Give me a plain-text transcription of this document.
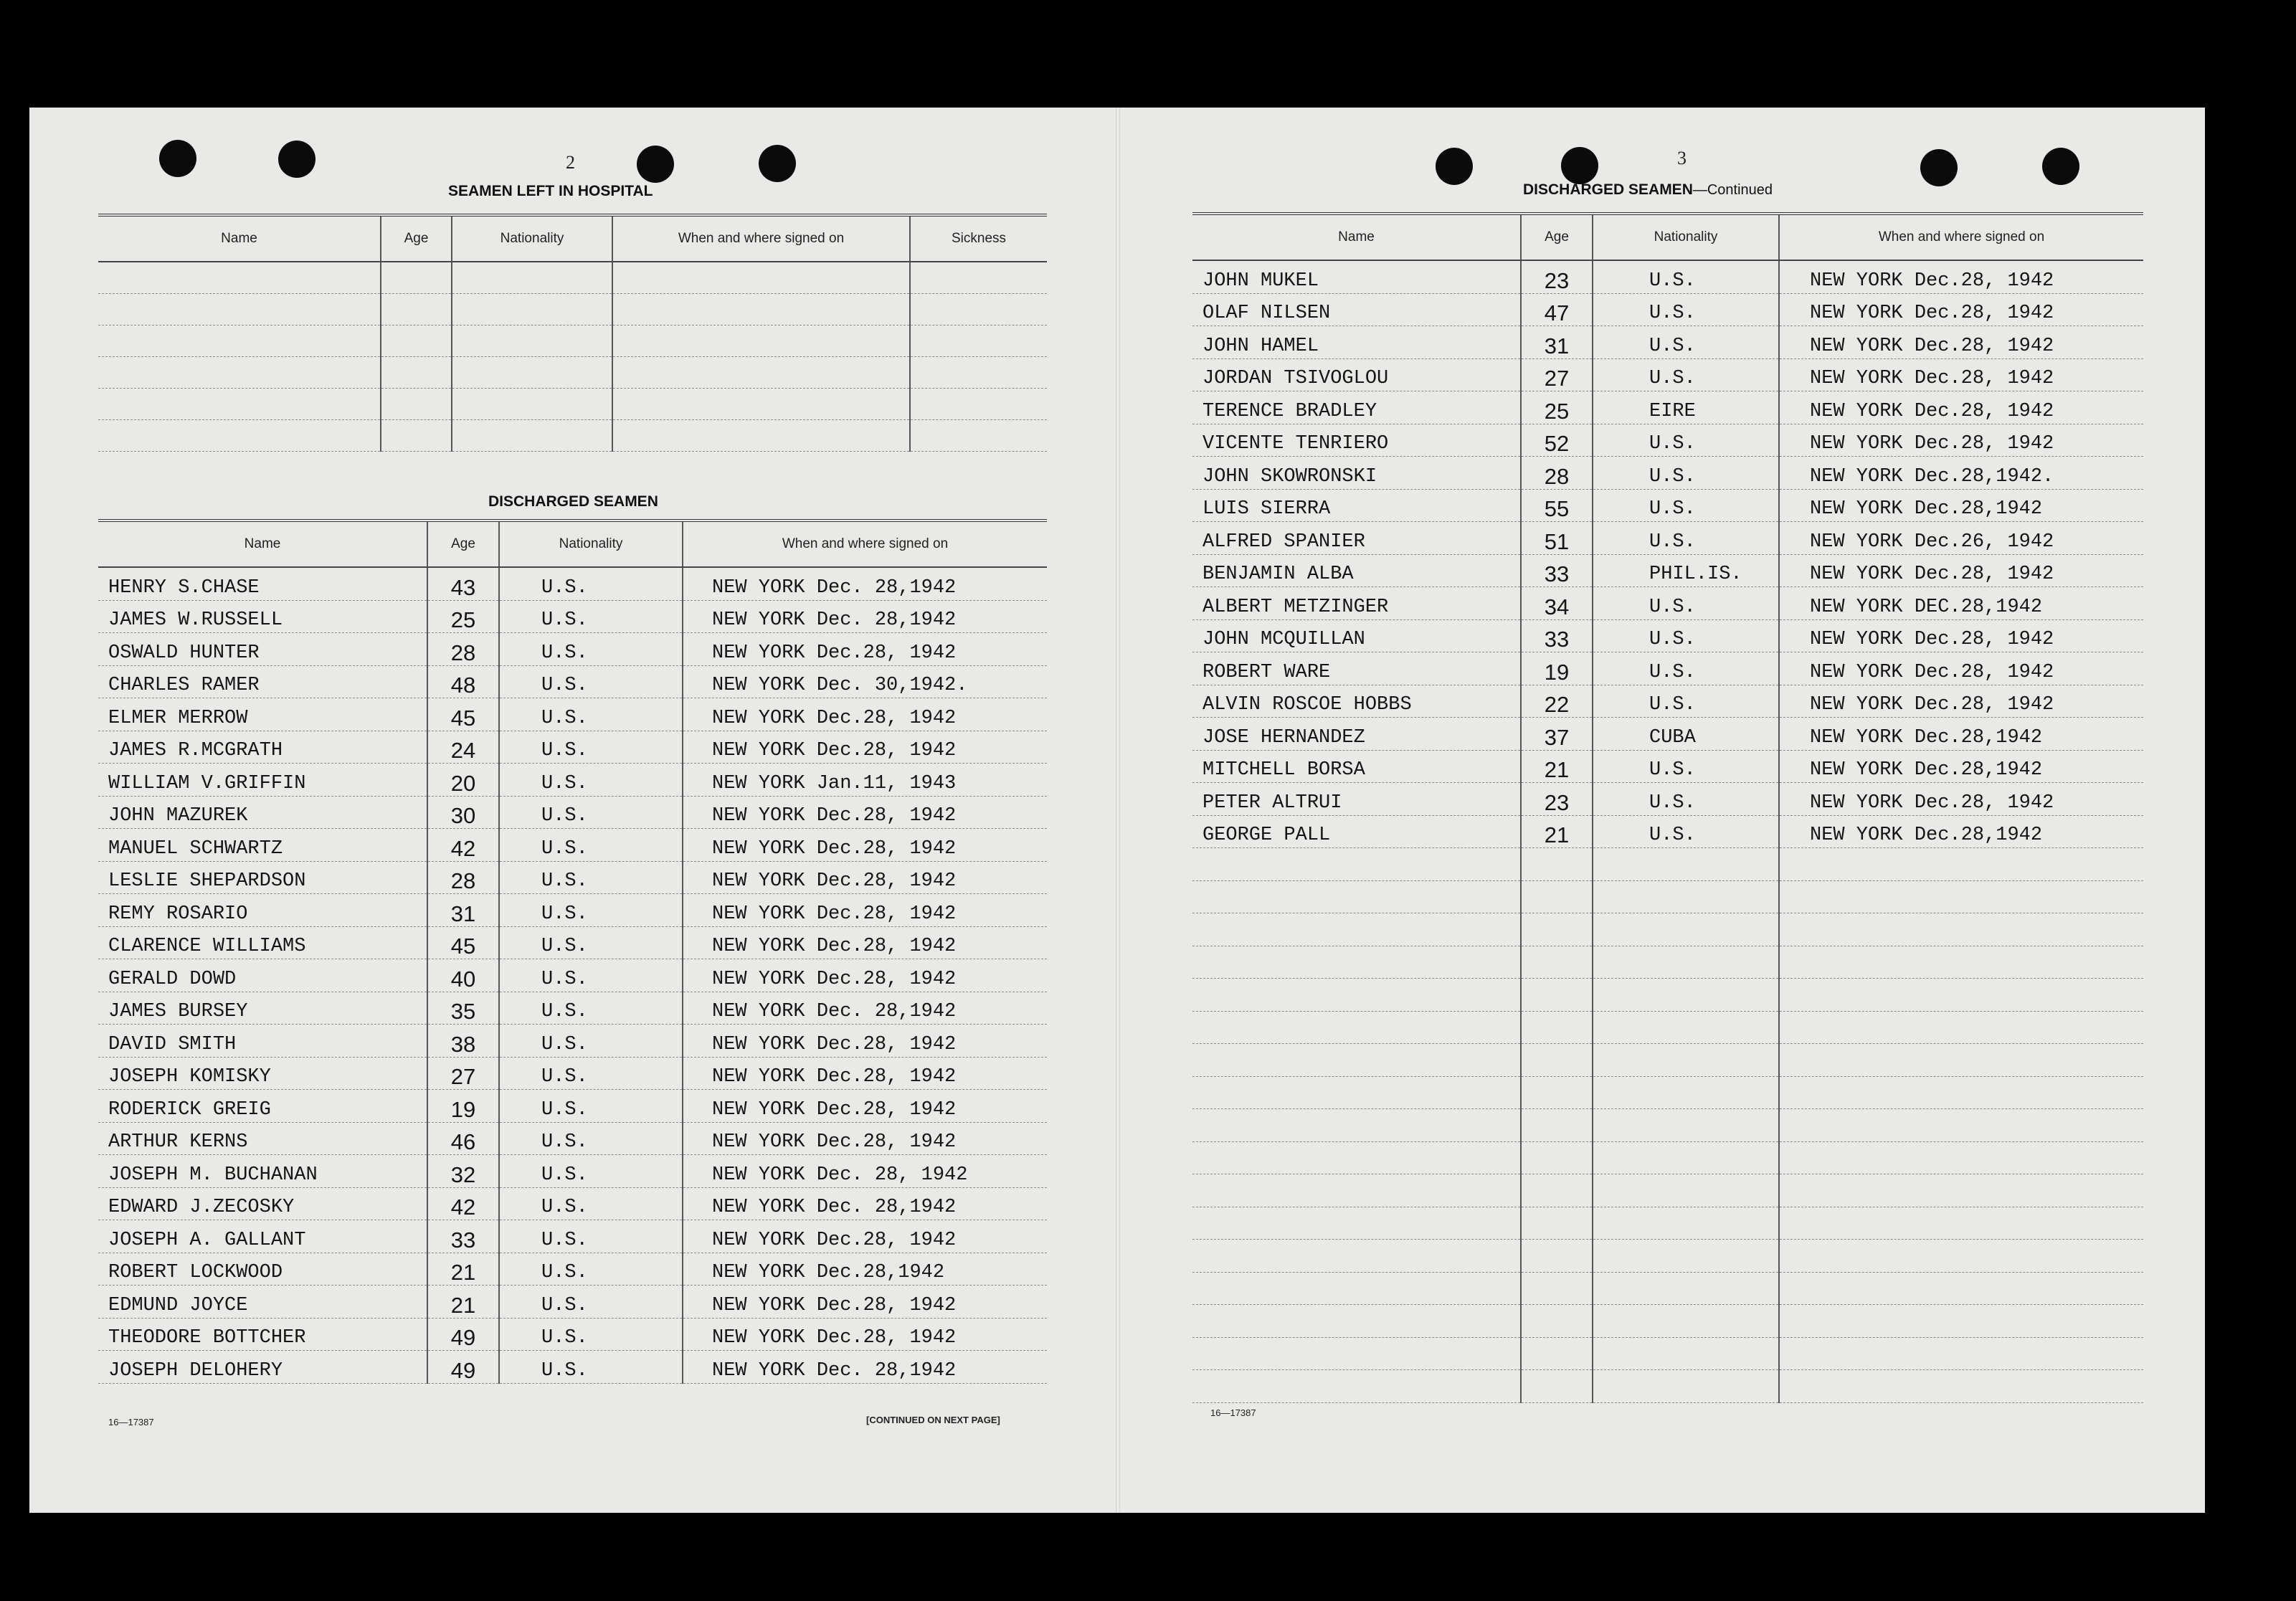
2
SEAMEN LEFT IN HOSPITAL
Name	Age	Nationality	When and where signed on	Sickness

DISCHARGED SEAMEN
Name	Age	Nationality	When and where signed on
HENRY S.CHASE	43	U.S.	NEW YORK Dec. 28,1942
JAMES W.RUSSELL	25	U.S.	NEW YORK Dec. 28,1942
OSWALD HUNTER	28	U.S.	NEW YORK Dec.28, 1942
CHARLES RAMER	48	U.S.	NEW YORK Dec. 30,1942.
ELMER MERROW	45	U.S.	NEW YORK Dec.28, 1942
JAMES R.MCGRATH	24	U.S.	NEW YORK Dec.28, 1942
WILLIAM V.GRIFFIN	20	U.S.	NEW YORK Jan.11, 1943
JOHN MAZUREK	30	U.S.	NEW YORK Dec.28, 1942
MANUEL SCHWARTZ	42	U.S.	NEW YORK Dec.28, 1942
LESLIE SHEPARDSON	28	U.S.	NEW YORK Dec.28, 1942
REMY ROSARIO	31	U.S.	NEW YORK Dec.28, 1942
CLARENCE WILLIAMS	45	U.S.	NEW YORK Dec.28, 1942
GERALD DOWD	40	U.S.	NEW YORK Dec.28, 1942
JAMES BURSEY	35	U.S.	NEW YORK Dec. 28,1942
DAVID SMITH	38	U.S.	NEW YORK Dec.28, 1942
JOSEPH KOMISKY	27	U.S.	NEW YORK Dec.28, 1942
RODERICK GREIG	19	U.S.	NEW YORK Dec.28, 1942
ARTHUR KERNS	46	U.S.	NEW YORK Dec.28, 1942
JOSEPH M. BUCHANAN	32	U.S.	NEW YORK Dec. 28, 1942
EDWARD J.ZECOSKY	42	U.S.	NEW YORK Dec. 28,1942
JOSEPH A. GALLANT	33	U.S.	NEW YORK Dec.28, 1942
ROBERT LOCKWOOD	21	U.S.	NEW YORK Dec.28,1942
EDMUND JOYCE	21	U.S.	NEW YORK Dec.28, 1942
THEODORE BOTTCHER	49	U.S.	NEW YORK Dec.28, 1942
JOSEPH DELOHERY	49	U.S.	NEW YORK Dec. 28,1942
16—17387	[CONTINUED ON NEXT PAGE]
3
DISCHARGED SEAMEN—Continued
Name	Age	Nationality	When and where signed on
JOHN MUKEL	23	U.S.	NEW YORK Dec.28, 1942
OLAF NILSEN	47	U.S.	NEW YORK Dec.28, 1942
JOHN HAMEL	31	U.S.	NEW YORK Dec.28, 1942
JORDAN TSIVOGLOU	27	U.S.	NEW YORK Dec.28, 1942
TERENCE BRADLEY	25	EIRE	NEW YORK Dec.28, 1942
VICENTE TENRIERO	52	U.S.	NEW YORK Dec.28, 1942
JOHN SKOWRONSKI	28	U.S.	NEW YORK Dec.28,1942.
LUIS SIERRA	55	U.S.	NEW YORK Dec.28,1942
ALFRED SPANIER	51	U.S.	NEW YORK Dec.26, 1942
BENJAMIN ALBA	33	PHIL.IS.	NEW YORK Dec.28, 1942
ALBERT METZINGER	34	U.S.	NEW YORK DEC.28,1942
JOHN MCQUILLAN	33	U.S.	NEW YORK Dec.28, 1942
ROBERT WARE	19	U.S.	NEW YORK Dec.28, 1942
ALVIN ROSCOE HOBBS	22	U.S.	NEW YORK Dec.28, 1942
JOSE HERNANDEZ	37	CUBA	NEW YORK Dec.28,1942
MITCHELL BORSA	21	U.S.	NEW YORK Dec.28,1942
PETER ALTRUI	23	U.S.	NEW YORK Dec.28, 1942
GEORGE PALL	21	U.S.	NEW YORK Dec.28,1942

16—17387
